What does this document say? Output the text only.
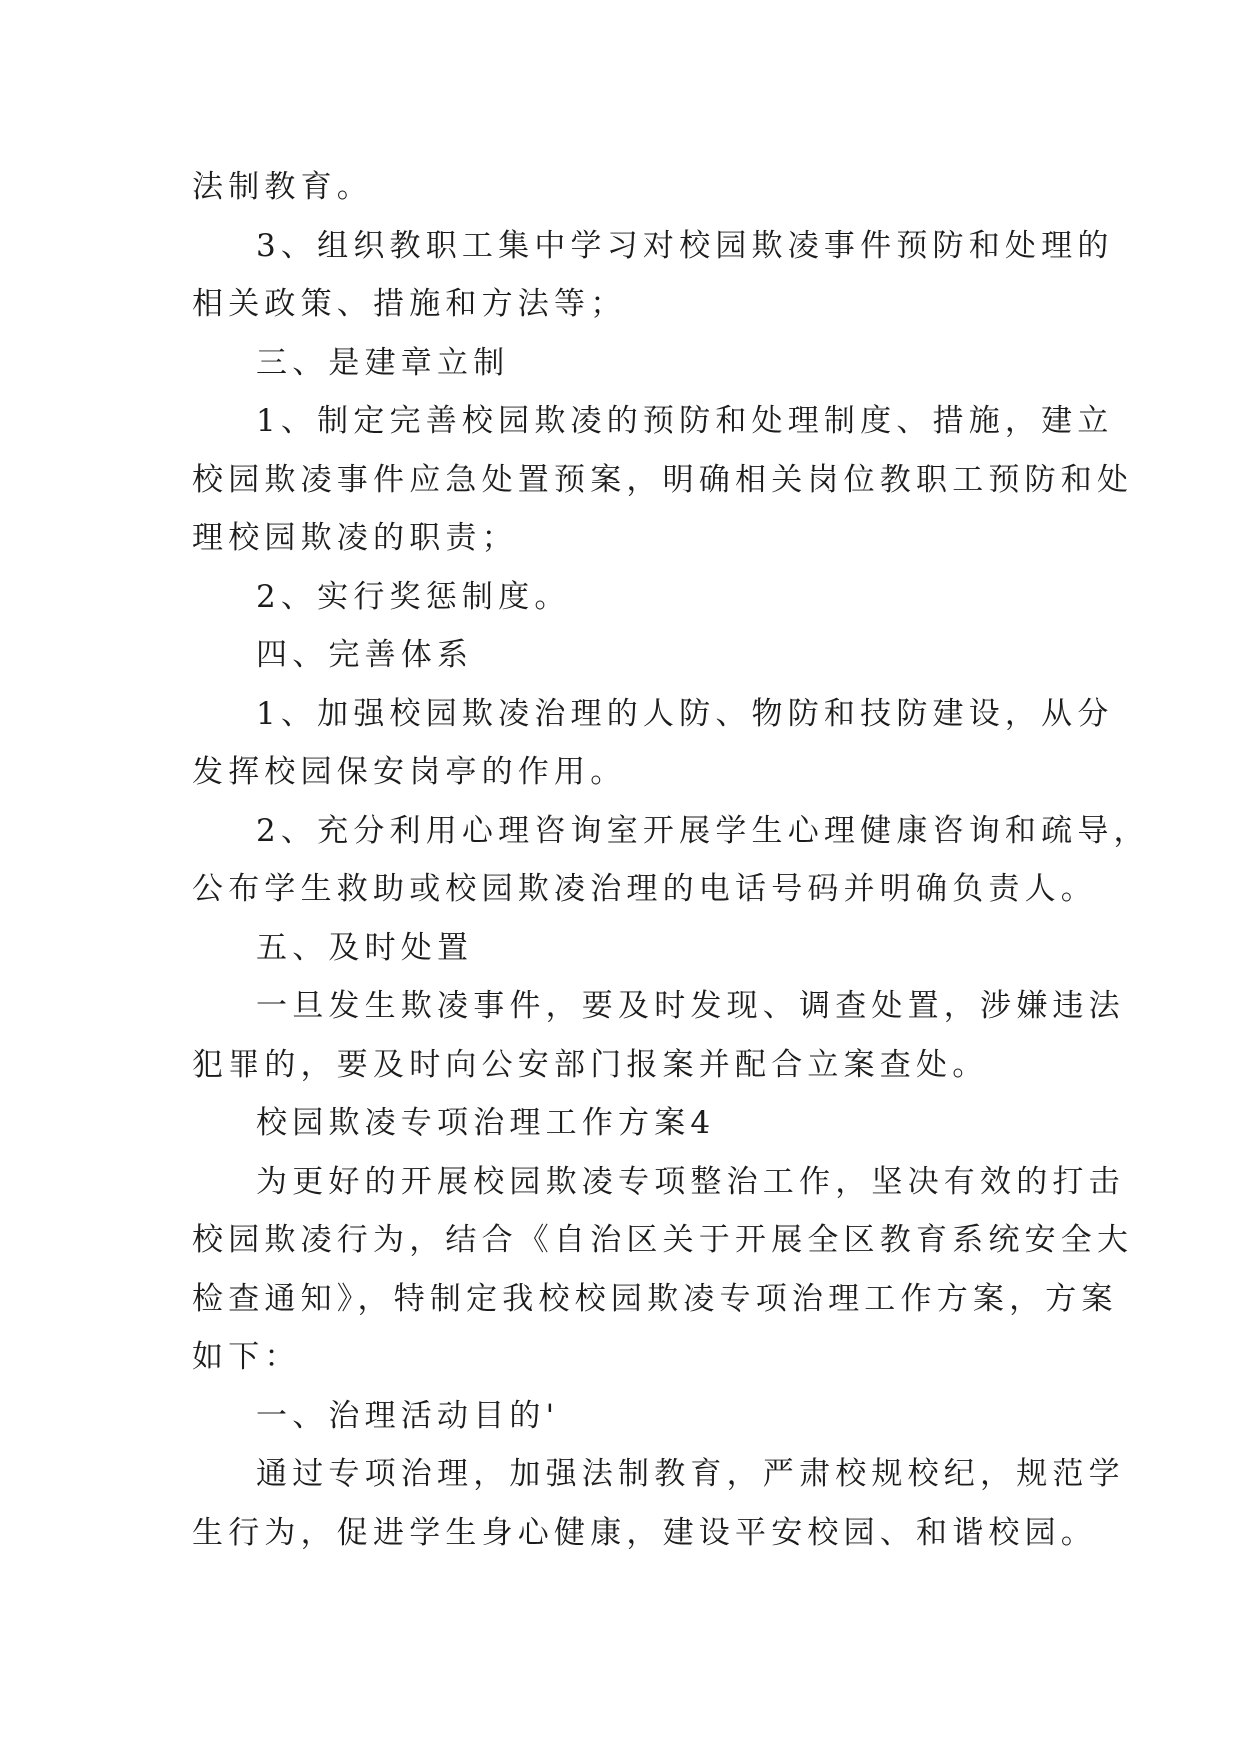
法制教育。
3、组织教职工集中学习对校园欺凌事件预防和处理的
相关政策、措施和方法等；
三、是建章立制
1、制定完善校园欺凌的预防和处理制度、措施，建立
校园欺凌事件应急处置预案，明确相关岗位教职工预防和处
理校园欺凌的职责；
2、实行奖惩制度。
四、完善体系
1、加强校园欺凌治理的人防、物防和技防建设，从分
发挥校园保安岗亭的作用。
2、充分利用心理咨询室开展学生心理健康咨询和疏导，
公布学生救助或校园欺凌治理的电话号码并明确负责人。
五、及时处置
一旦发生欺凌事件，要及时发现、调查处置，涉嫌违法
犯罪的，要及时向公安部门报案并配合立案查处。
校园欺凌专项治理工作方案4
为更好的开展校园欺凌专项整治工作，坚决有效的打击
校园欺凌行为，结合《自治区关于开展全区教育系统安全大
检查通知》，特制定我校校园欺凌专项治理工作方案，方案
如下：
一、治理活动目的'
通过专项治理，加强法制教育，严肃校规校纪，规范学
生行为，促进学生身心健康，建设平安校园、和谐校园。
